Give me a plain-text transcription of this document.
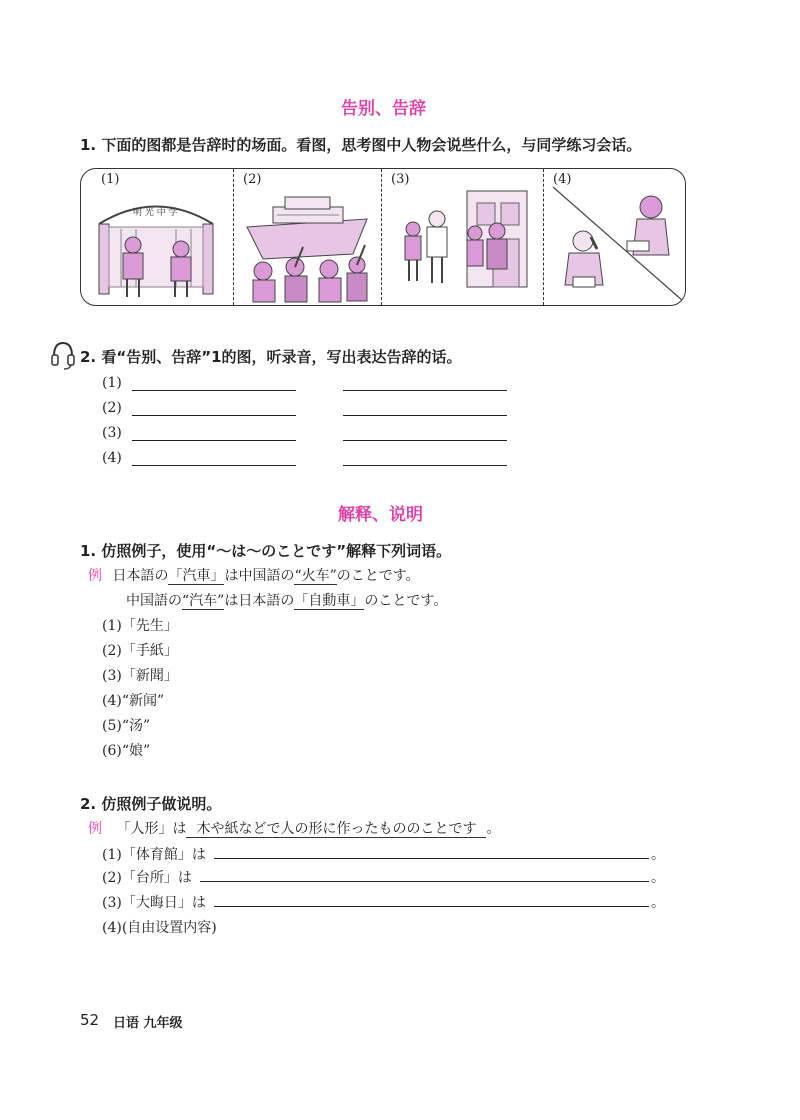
告别、告辞
1. 下面的图都是告辞时的场面。看图，思考图中人物会说些什么，与同学练习会话。
(1)
明 光 中 学
(2)	(3)	(4)
2. 看“告别、告辞”1的图，听录音，写出表达告辞的话。
(1)
(2)
(3)
(4)
解释、说明
1. 仿照例子，使用“～は～のことです”解释下列词语。
例 日本語の「汽車」は中国語の“火车”のことです。
中国語の“汽车”は日本語の「自動車」のことです。
(1)「先生」
(2)「手紙」
(3)「新聞」
(4)“新闻”
(5)“汤”
(6)“娘”
2. 仿照例子做说明。
例 「人形」は 木や紙などで人の形に作ったもののことです 。
(1)「体育館」は
(2)「台所」は
(3)「大晦日」は
。
。
。
(4)(自由设置内容)
52 日语 九年级
